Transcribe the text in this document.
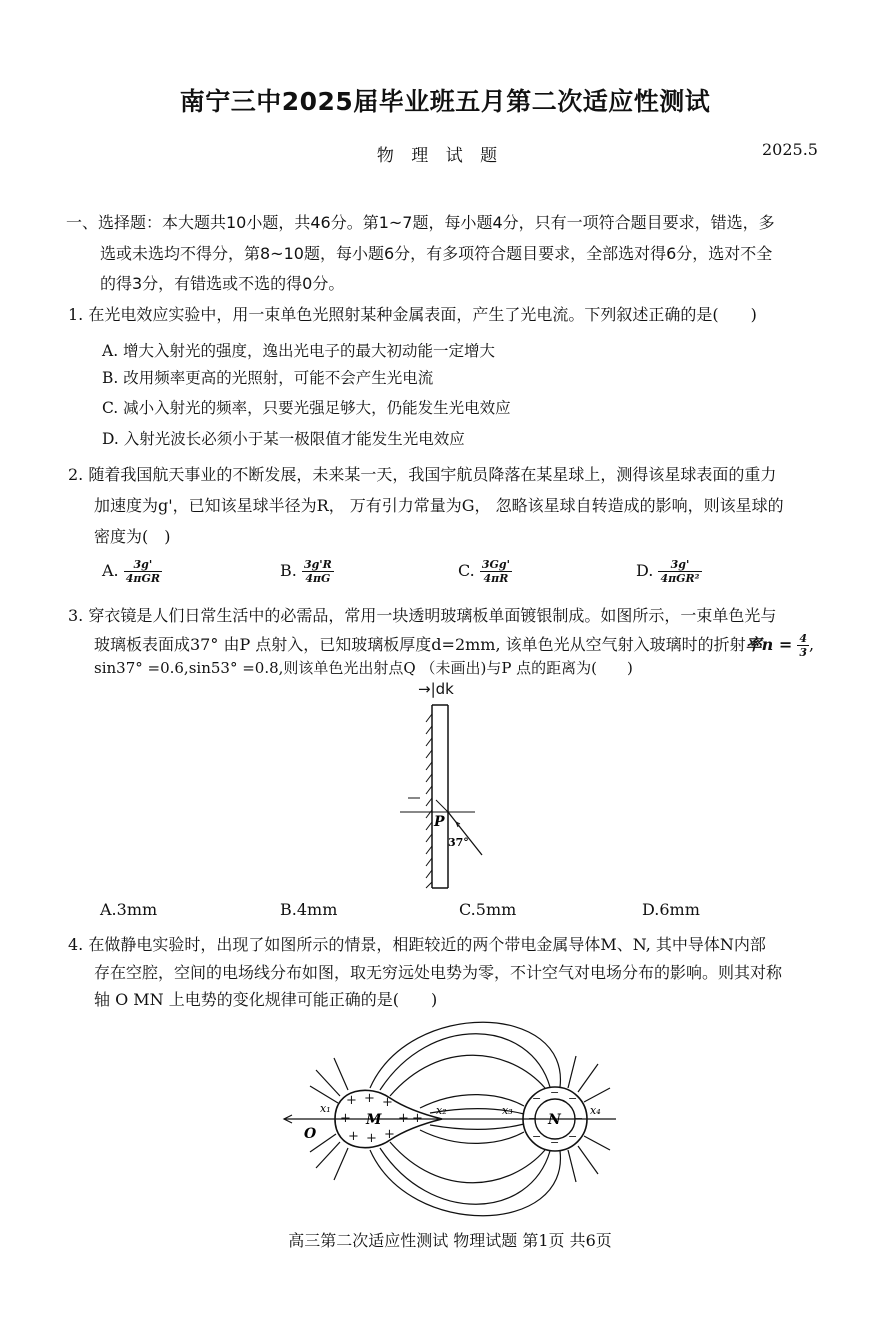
南宁三中2025届毕业班五月第二次适应性测试
物 理 试 题	2025.5
一、选择题：本大题共10小题，共46分。第1~7题，每小题4分，只有一项符合题目要求，错选，多
选或未选均不得分，第8~10题，每小题6分，有多项符合题目要求，全部选对得6分，选对不全
的得3分，有错选或不选的得0分。
1. 在光电效应实验中，用一束单色光照射某种金属表面，产生了光电流。下列叙述正确的是(　　)
A. 增大入射光的强度，逸出光电子的最大初动能一定增大
B. 改用频率更高的光照射，可能不会产生光电流
C. 减小入射光的频率，只要光强足够大，仍能发生光电效应
D. 入射光波长必须小于某一极限值才能发生光电效应
2. 随着我国航天事业的不断发展，未来某一天，我国宇航员降落在某星球上，测得该星球表面的重力
加速度为g'，已知该星球半径为R， 万有引力常量为G， 忽略该星球自转造成的影响，则该星球的
密度为(　)
A. $\frac{3g'}{\text{4πGR}}$	B. $\frac{3g'R}{4\pi G}$	C. $\frac{3Gg'}{4\pi R}$	D. $\frac{3g'}{\text{4πGR²}}$
3. 穿衣镜是人们日常生活中的必需品，常用一块透明玻璃板单面镀银制成。如图所示，一束单色光与
玻璃板表面成37° 由P 点射入，已知玻璃板厚度d=2mm, 该单色光从空气射入玻璃时的折射率$n = \frac{4}{3}$ ,
sin37° =0.6,sin53° =0.8,则该单色光出射点Q （未画出)与P 点的距离为(　　)
→|dk
P
37°
A.3mm	B.4mm	C.5mm	D.6mm
4. 在做静电实验时，出现了如图所示的情景，相距较近的两个带电金属导体M、N, 其中导体N内部
存在空腔，空间的电场线分布如图，取无穷远处电势为零，不计空气对电场分布的影响。则其对称
轴 O MN 上电势的变化规律可能正确的是(　　)
+ + +
+	+ +
+ + +
− −
−
−
−
−
−
−
O
M	N
x₁	x₂	x₃	x₄
高三第二次适应性测试 物理试题 第1页 共6页
